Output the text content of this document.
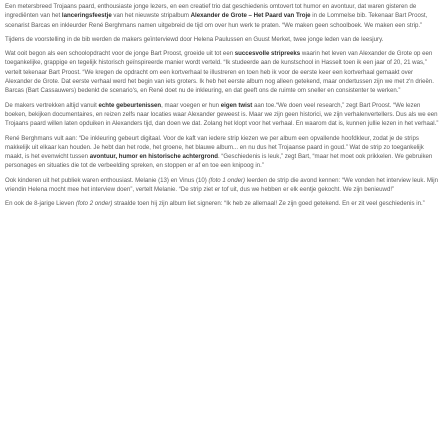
Een metersbreed Trojaans paard, enthousiaste jonge lezers, en een creatief trio dat geschiedenis omtovert tot humor en avontuur, dat waren gisteren de ingrediënten van het lanceringsfeestje van het nieuwste stripalbum Alexander de Grote – Het Paard van Troje in de Lommelse bib. Tekenaar Bart Proost, scenarist Barcas en inkleurder René Berghmans namen uitgebreid de tijd om over hun werk te praten. “We maken geen schoolboek. We maken een strip.”

Tijdens de voorstelling in de bib werden de makers geïnterviewd door Helena Paulussen en Guust Merket, twee jonge leden van de leesjury.

Wat ooit begon als een schoolopdracht voor de jonge Bart Proost, groeide uit tot een succesvolle stripreeks waarin het leven van Alexander de Grote op een toegankelijke, grappige en tegelijk historisch geïnspireerde manier wordt verteld. “Ik studeerde aan de kunstschool in Hasselt toen ik een jaar of 20, 21 was,” vertelt tekenaar Bart Proost. “We kregen de opdracht om een kortverhaal te illustreren en toen heb ik voor de eerste keer een kortverhaal gemaakt over Alexander de Grote. Dat eerste verhaal werd het begin van iets groters. Ik heb het eerste album nog alleen getekend, maar ondertussen zijn we met z'n drieën. Barcas (Bart Cassauwers) bedenkt de scenario's, en René doet nu de inkleuring, en dat geeft ons de ruimte om sneller en consistenter te werken.”

De makers vertrekken altijd vanuit echte gebeurtenissen, maar voegen er hun eigen twist aan toe.“We doen veel research,” zegt Bart Proost. “We lezen boeken, bekijken documentaires, en reizen zelfs naar locaties waar Alexander geweest is. Maar we zijn geen historici, we zijn verhalenvertellers. Dus als we een Trojaans paard willen laten opduiken in Alexanders tijd, dan doen we dat. Zolang het klopt voor het verhaal. En waarom dat is, kunnen jullie lezen in het verhaal.”

René Berghmans vult aan: “De inkleuring gebeurt digitaal. Voor de kaft van iedere strip kiezen we per album een opvallende hoofdkleur, zodat je de strips makkelijk uit elkaar kan houden. Je hebt dan het rode, het groene, het blauwe album... en nu dus het Trojaanse paard in goud.” Wat de strip zo toegankelijk maakt, is het evenwicht tussen avontuur, humor en historische achtergrond. “Geschiedenis is leuk,” zegt Bart, “maar het moet ook prikkelen. We gebruiken personages en situaties die tot de verbeelding spreken, en stoppen er af en toe een knipoog in.”

Ook kinderen uit het publiek waren enthousiast. Melanie (13) en Vinus (10) (foto 1 onder) leerden de strip die avond kennen: “We vonden het interview leuk. Mijn vriendin Helena mocht mee het interview doen”, vertelt Melanie. “De strip ziet er tof uit, dus we hebben er elk eentje gekocht. We zijn benieuwd!”

En ook de 8-jarige Lieven (foto 2 onder) straalde toen hij zijn album liet signeren: “Ik heb ze allemaal! Ze zijn goed getekend. En er zit veel geschiedenis in.”
